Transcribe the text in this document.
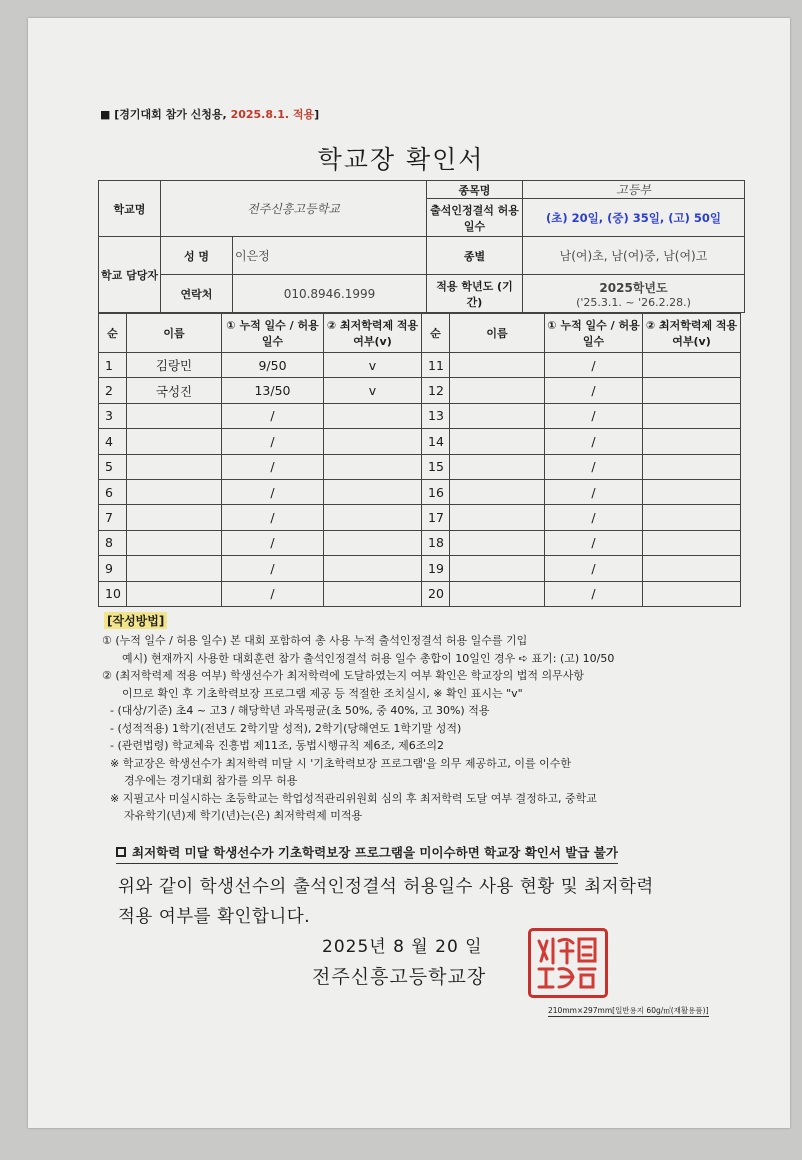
■ [경기대회 참가 신청용, 2025.8.1. 적용]
학교장 확인서
학교명	전주신흥고등학교		종목명	고등부
			출석인정결석 허용 일수	(초) 20일, (중) 35일, (고) 50일
학교 담당자	성 명	이은정	종별	남(여)초, 남(여)중, 남(여)고
	연락처	010.8946.1999	적용 학년도 (기간)	2025학년도
('25.3.1. ~ '26.2.28.)
순	이름	① 누적 일수 / 허용 일수	② 최저학력제 적용 여부(v)	순	이름	① 누적 일수 / 허용 일수	② 최저학력제 적용 여부(v)
1	김랑민	9/50	v	11		/	
2	국성진	13/50	v	12		/	
3		/		13		/	
4		/		14		/	
5		/		15		/	
6		/		16		/	
7		/		17		/	
8		/		18		/	
9		/		19		/	
10		/		20		/	
[작성방법]
① (누적 일수 / 허용 일수) 본 대회 포함하여 총 사용 누적 출석인정결석 허용 일수를 기입
예시) 현재까지 사용한 대회훈련 참가 출석인정결석 허용 일수 총합이 10일인 경우 ➪ 표기: (고) 10/50
② (최저학력제 적용 여부) 학생선수가 최저학력에 도달하였는지 여부 확인은 학교장의 법적 의무사항
이므로 확인 후 기초학력보장 프로그램 제공 등 적절한 조치실시, ※ 확인 표시는 "v"
- (대상/기준) 초4 ~ 고3 / 해당학년 과목평균(초 50%, 중 40%, 고 30%) 적용
- (성적적용) 1학기(전년도 2학기말 성적), 2학기(당해연도 1학기말 성적)
- (관련법령) 학교체육 진흥법 제11조, 동법시행규칙 제6조, 제6조의2
※ 학교장은 학생선수가 최저학력 미달 시 '기초학력보장 프로그램'을 의무 제공하고, 이를 이수한
경우에는 경기대회 참가를 의무 허용
※ 지필고사 미실시하는 초등학교는 학업성적관리위원회 심의 후 최저학력 도달 여부 결정하고, 중학교
자유학기(년)제 학기(년)는(은) 최저학력제 미적용
최저학력 미달 학생선수가 기초학력보장 프로그램을 미이수하면 학교장 확인서 발급 불가
위와 같이 학생선수의 출석인정결석 허용일수 사용 현황 및 최저학력
적용 여부를 확인합니다.
2025년 8 월 20 일
전주신흥고등학교장
210mm×297mm[일반용지 60g/㎡(재활용품)]
